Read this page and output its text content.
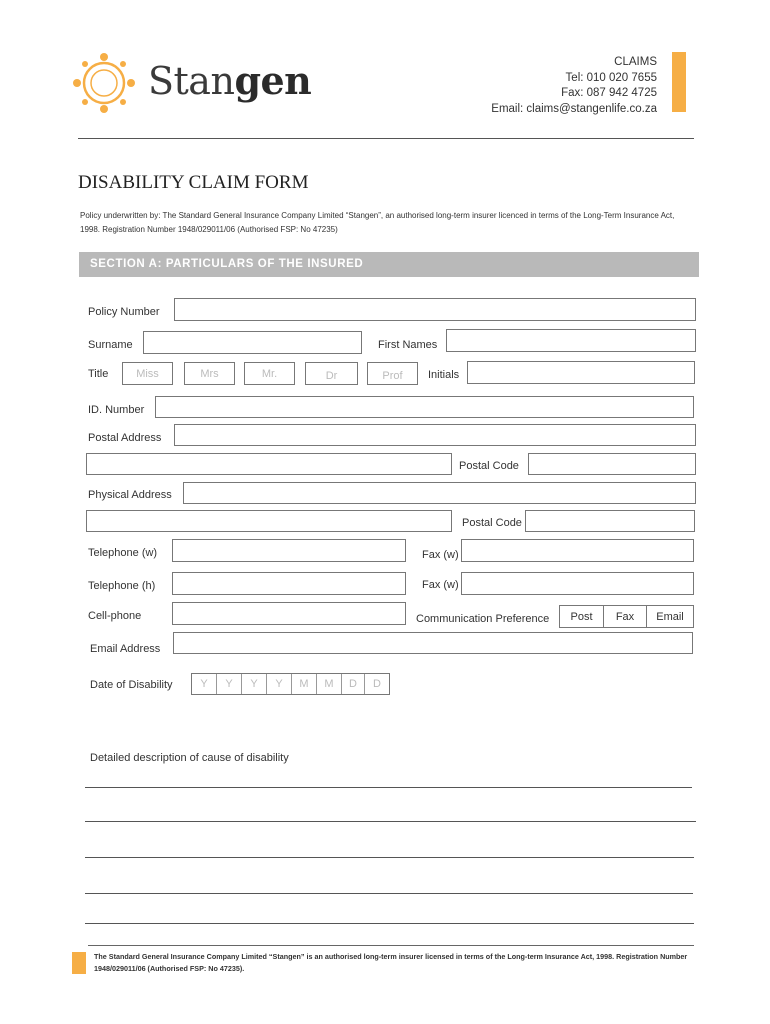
Stangen	CLAIMS
Tel: 010 020 7655
Fax: 087 942 4725
Email: claims@stangenlife.co.za
DISABILITY CLAIM FORM
Policy underwritten by: The Standard General Insurance Company Limited “Stangen”, an authorised long-term insurer licenced in terms of the Long-Term Insurance Act, 1998. Registration Number 1948/029011/06 (Authorised FSP: No 47235)
SECTION A: PARTICULARS OF THE INSURED
Policy Number
Surname	First Names
Title	Miss	Mrs	Mr.	Dr	Prof	Initials
ID. Number
Postal Address
Postal Code
Physical Address
Postal Code
Telephone (w)	Fax (w)
Telephone (h)	Fax (w)
Cell-phone	Communication Preference	Post	Fax	Email
Email Address
Date of Disability	Y	Y	Y	Y	M	M	D	D
Detailed description of cause of disability
The Standard General Insurance Company Limited “Stangen” is an authorised long-term insurer licensed in terms of the Long-term Insurance Act, 1998. Registration Number 1948/029011/06 (Authorised FSP: No 47235).
